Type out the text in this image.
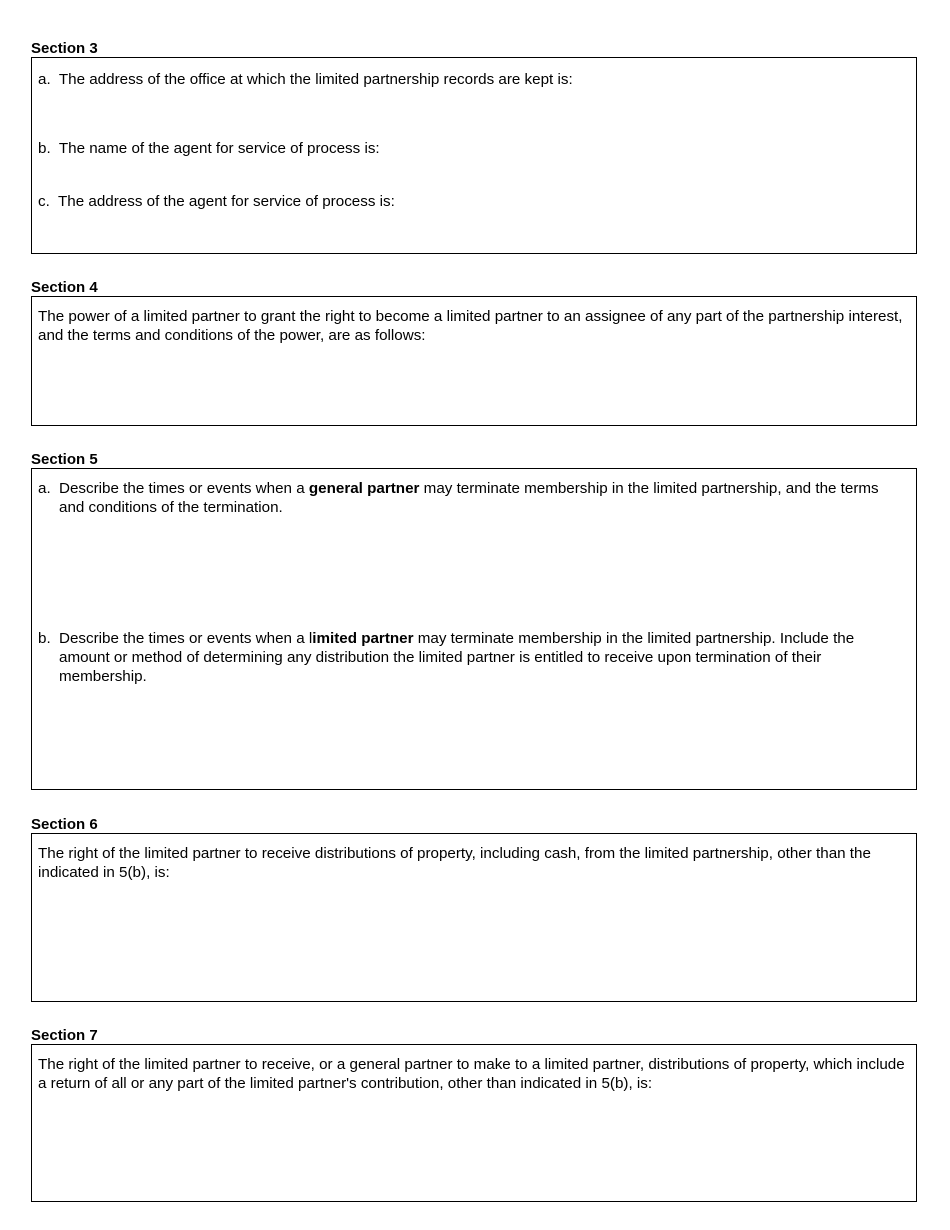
Section 3

a. The address of the office at which the limited partnership records are kept is:

b. The name of the agent for service of process is:

c. The address of the agent for service of process is:

Section 4

The power of a limited partner to grant the right to become a limited partner to an assignee of any part of the partnership interest, and the terms and conditions of the power, are as follows:

Section 5
a. Describe the times or events when a general partner may terminate membership in the limited partnership, and the terms and conditions of the termination.
b. Describe the times or events when a limited partner may terminate membership in the limited partnership. Include the amount or method of determining any distribution the limited partner is entitled to receive upon termination of their membership.
Section 6

The right of the limited partner to receive distributions of property, including cash, from the limited partnership, other than the indicated in 5(b), is:

Section 7

The right of the limited partner to receive, or a general partner to make to a limited partner, distributions of property, which include a return of all or any part of the limited partner's contribution, other than indicated in 5(b), is:
